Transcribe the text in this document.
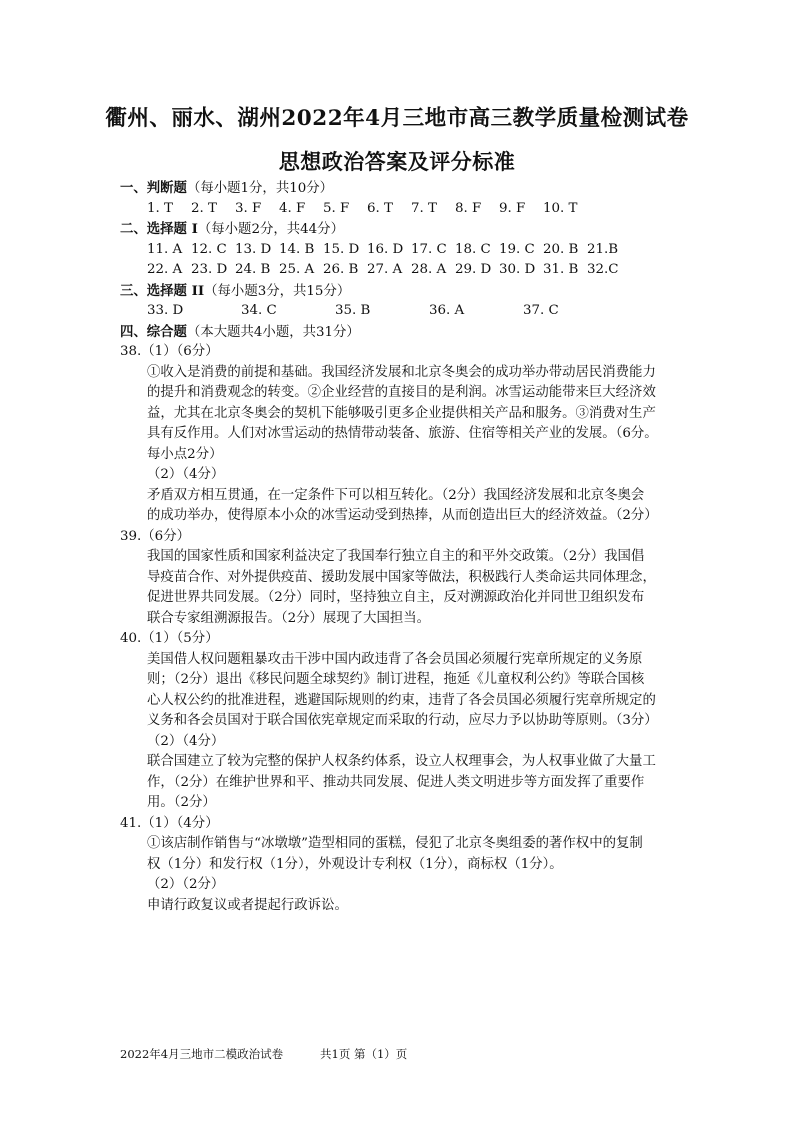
衢州、丽水、湖州2022年4月三地市高三教学质量检测试卷
思想政治答案及评分标准
一、判断题（每小题1分，共10分）
1. T	2. T	3. F	4. F	5. F	6. T	7. T	8. F	9. F	10. T
二、选择题 I（每小题2分，共44分）
11. A 12. C 13. D 14. B 15. D 16. D 17. C 18. C 19. C 20. B 21.B
22. A 23. D 24. B 25. A 26. B 27. A 28. A 29. D 30. D 31. B 32.C
三、选择题 II（每小题3分，共15分）
33. D	34. C	35. B	36. A	37. C
四、综合题（本大题共4小题，共31分）
38.（1）（6分）
①收入是消费的前提和基础。我国经济发展和北京冬奥会的成功举办带动居民消费能力
的提升和消费观念的转变。②企业经营的直接目的是利润。冰雪运动能带来巨大经济效
益，尤其在北京冬奥会的契机下能够吸引更多企业提供相关产品和服务。③消费对生产
具有反作用。人们对冰雪运动的热情带动装备、旅游、住宿等相关产业的发展。（6分。
每小点2分）
（2）（4分）
矛盾双方相互贯通，在一定条件下可以相互转化。（2分）我国经济发展和北京冬奥会
的成功举办，使得原本小众的冰雪运动受到热捧，从而创造出巨大的经济效益。（2分）
39.（6分）
我国的国家性质和国家利益决定了我国奉行独立自主的和平外交政策。（2分）我国倡
导疫苗合作、对外提供疫苗、援助发展中国家等做法，积极践行人类命运共同体理念，
促进世界共同发展。（2分）同时，坚持独立自主，反对溯源政治化并同世卫组织发布
联合专家组溯源报告。（2分）展现了大国担当。
40.（1）（5分）
美国借人权问题粗暴攻击干涉中国内政违背了各会员国必须履行宪章所规定的义务原
则；（2分）退出《移民问题全球契约》制订进程，拖延《儿童权利公约》等联合国核
心人权公约的批准进程，逃避国际规则的约束，违背了各会员国必须履行宪章所规定的
义务和各会员国对于联合国依宪章规定而采取的行动，应尽力予以协助等原则。（3分）
（2）（4分）
联合国建立了较为完整的保护人权条约体系，设立人权理事会，为人权事业做了大量工
作，（2分）在维护世界和平、推动共同发展、促进人类文明进步等方面发挥了重要作
用。（2分）
41.（1）（4分）
①该店制作销售与“冰墩墩”造型相同的蛋糕，侵犯了北京冬奥组委的著作权中的复制
权（1分）和发行权（1分），外观设计专利权（1分），商标权（1分）。
（2）（2分）
申请行政复议或者提起行政诉讼。
2022年4月三地市二模政治试卷	共1页 第（1）页
